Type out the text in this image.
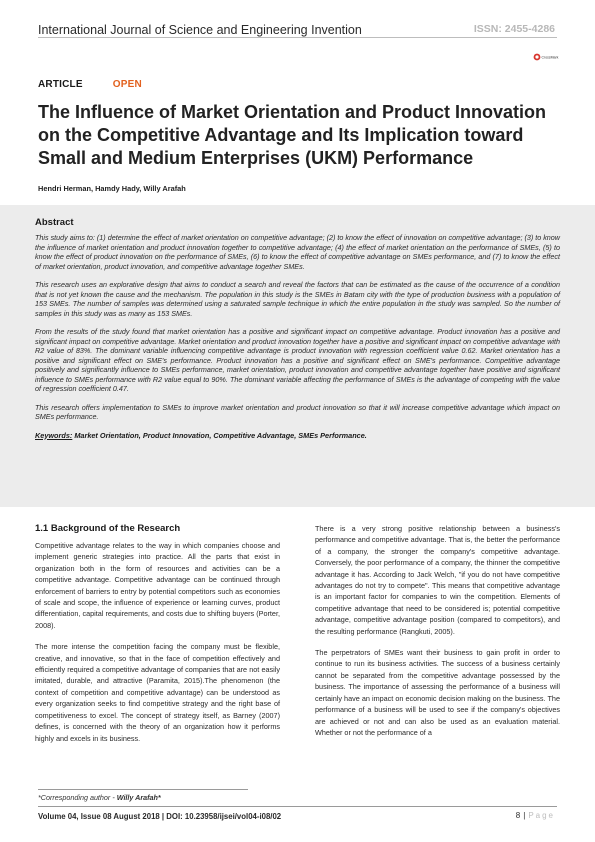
International Journal of Science and Engineering Invention	ISSN: 2455-4286
CrossMark
ARTICLE	OPEN
The Influence of Market Orientation and Product Innovation on the Competitive Advantage and Its Implication toward Small and Medium Enterprises (UKM) Performance
Hendri Herman, Hamdy Hady, Willy Arafah
Abstract

This study aims to: (1) determine the effect of market orientation on competitive advantage; (2) to know the effect of innovation on competitive advantage; (3) to know the influence of market orientation and product innovation together to competitive advantage; (4) the effect of market orientation on the performance of SMEs, (5) to know the effect of product innovation on the performance of SMEs, (6) to know the effect of competitive advantage on SMEs performance, and (7) to know the effect of market orientation, product innovation, and competitive advantage together SMEs.

This research uses an explorative design that aims to conduct a search and reveal the factors that can be estimated as the cause of the occurrence of a condition that is not yet known the cause and the mechanism. The population in this study is the SMEs in Batam city with the type of production business with a population of 153 SMEs. The number of samples was determined using a saturated sample technique in which the entire population in the study was sampled. So the number of samples in this study was as many as 153 SMEs.

From the results of the study found that market orientation has a positive and significant impact on competitive advantage. Product innovation has a positive and significant impact on competitive advantage. Market orientation and product innovation together have a positive and significant impact on competitive advantage with R2 value of 83%. The dominant variable influencing competitive advantage is product innovation with regression coefficient value 0.62. Market orientation has a positive and significant effect on SME's performance. Product innovation has a positive and significant effect on SME's performance. Competitive advantage positively and significantly influence to SMEs performance, market orientation, product innovation and competitive advantage together have positive and significant influence to SMEs performance with R2 value equal to 90%. The dominant variable affecting the performance of SMEs is the advantage of competing with the value of regression coefficient 0.47.

This research offers implementation to SMEs to improve market orientation and product innovation so that it will increase competitive advantage which impact on SMEs performance.

Keywords: Market Orientation, Product Innovation, Competitive Advantage, SMEs Performance.
1.1 Background of the Research

Competitive advantage relates to the way in which companies choose and implement generic strategies into practice. All the parts that exist in organization both in the form of resources and activities can be a competitive advantage. Competitive advantage can be continued through enforcement of barriers to entry by potential competitors such as economies of scale and scope, the influence of experience or learning curves, product differentiation, capital requirements, and costs due to shifting buyers (Porter, 2008).

The more intense the competition facing the company must be flexible, creative, and innovative, so that in the face of competition effectively and efficiently required a competitive advantage of companies that are not easily imitated, durable, and attractive (Paramita, 2015).The phenomenon (the context of competition and competitive advantage) can be understood as every organization seeks to find competitive strategy and the right base of competitiveness to excel. The concept of strategy itself, as Barney (2007) defines, is concerned with the theory of an organization how it performs highly and excels in its business.

There is a very strong positive relationship between a business's performance and competitive advantage. That is, the better the performance of a company, the stronger the company's competitive advantage. Conversely, the poor performance of a company, the thinner the competitive advantage it has. According to Jack Welch, "if you do not have competitive advantages do not try to compete". This means that competitive advantage is an important factor for companies to win the competition. Elements of competitive advantage that need to be considered is; potential competitive advantage, competitive advantage position (compared to competitors), and the resulting performance (Rangkuti, 2005).

The perpetrators of SMEs want their business to gain profit in order to continue to run its business activities. The success of a business certainly cannot be separated from the competitive advantage possessed by the business. The importance of assessing the performance of a business will certainly have an impact on economic decision making on the business. The performance of a business will be used to see if the company's objectives are achieved or not and can also be used as an evaluation material. Whether or not the performance of a

*Corresponding author - Willy Arafah*
Volume 04, Issue 08 August 2018 | DOI: 10.23958/ijsei/vol04-i08/02	8 | Page
